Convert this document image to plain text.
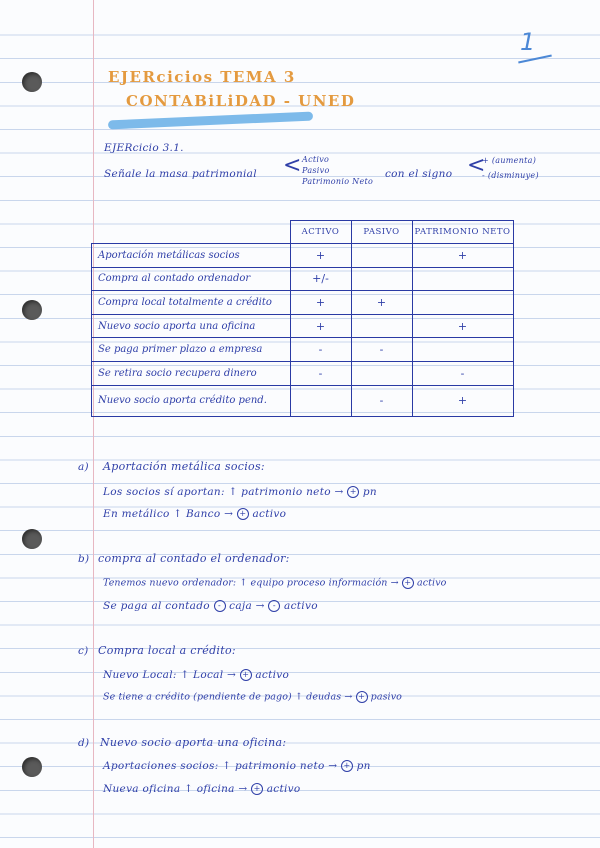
1
EJERcicios TEMA 3
CONTABiLiDAD - UNED
EJERcicio 3.1.
Señale la masa patrimonial < Activo
Pasivo
Patrimonio Neto
con el signo <
+ (aumenta)
- (disminuye)
	ACTIVO	PASIVO	PATRIMONIO NETO
Aportación metálicas socios	+		+
Compra al contado ordenador	+/-		
Compra local totalmente a crédito	+	+	
Nuevo socio aporta una oficina	+		+
Se paga primer plazo a empresa	-	-	
Se retira socio recupera dinero	-		-
Nuevo socio aporta crédito pend.		-	+
a) Aportación metálica socios:
Los socios sí aportan: ↑ patrimonio neto → + pn
En metálico ↑ Banco → + activo
b) compra al contado el ordenador:
Tenemos nuevo ordenador: ↑ equipo proceso información → + activo
Se paga al contado - caja → - activo
c) Compra local a crédito:
Nuevo Local: ↑ Local → + activo
Se tiene a crédito (pendiente de pago) ↑ deudas → + pasivo
d) Nuevo socio aporta una oficina:
Aportaciones socios: ↑ patrimonio neto → + pn
Nueva oficina ↑ oficina → + activo
